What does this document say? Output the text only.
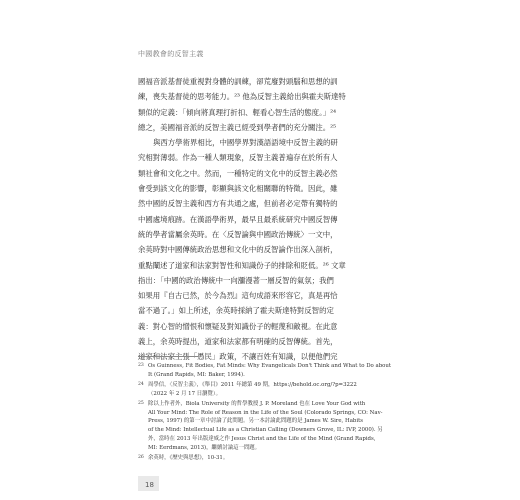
中國教會的反智主義

國福音派基督徒重視對身體的訓練，卻荒廢對頭腦和思想的訓
練，喪失基督徒的思考能力。²³ 他為反智主義給出與霍夫斯達特
類似的定義：「傾向將真理打折扣、輕看心智生活的態度。」²⁴
總之，美國福音派的反智主義已經受到學者們的充分關注。²⁵

與西方學術界相比，中國學界對漢語語境中反智主義的研
究相對薄弱。作為一種人類現象，反智主義普遍存在於所有人
類社會和文化之中。然而，一種特定的文化中的反智主義必然
會受到該文化的影響，彰顯與該文化相關聯的特徵。因此，雖
然中國的反智主義和西方有共通之處，但前者必定帶有獨特的
中國處境痕跡。在漢語學術界，最早且最系統研究中國反智傳
統的學者當屬余英時。在〈反智論與中國政治傳統〉一文中，
余英時對中國傳統政治思想和文化中的反智論作出深入剖析，
重點闡述了道家和法家對智性和知識份子的排除和貶低。²⁶ 文章
指出：「中國的政治傳統中一向瀰漫著一層反智的氣氛；我們
如果用『自古已然，於今為烈』這句成語來形容它，真是再恰
當不過了。」如上所述，余英時採納了霍夫斯達特對反智的定
義：對心智的憎恨和懷疑及對知識份子的輕蔑和敵視。在此意
義上，余英時提出，道家和法家都有明確的反智傳統。首先，
道家和法家主張「愚民」政策，不讓百姓有知識，以便他們完

23 Os Guinness, Fit Bodies, Fat Minds: Why Evangelicals Don't Think and What to Do about
It (Grand Rapids, MI: Baker, 1994).
24 周學信，〈反智主義〉，《舉目》2011 年總第 49 期，https://behold.oc.org/?p=3222
（2022 年 2 月 17 日瀏覽）。
25 除以上作者外，Biola University 的哲學教授 J. P. Moreland 也在 Love Your God with
All Your Mind: The Role of Reason in the Life of the Soul (Colorado Springs, CO: Nav-
Press, 1997) 的第一章中討論了此問題。另一本討論此問題的是 James W. Sire, Habits
of the Mind: Intellectual Life as a Christian Calling (Downers Grove, IL: IVP, 2000). 另
外，當時在 2013 年出版達威之作 Jesus Christ and the Life of the Mind (Grand Rapids,
MI: Eerdmans, 2013)，繼續討論這一問題。
26 余英時，《歷史與思想》，10-31。
18
